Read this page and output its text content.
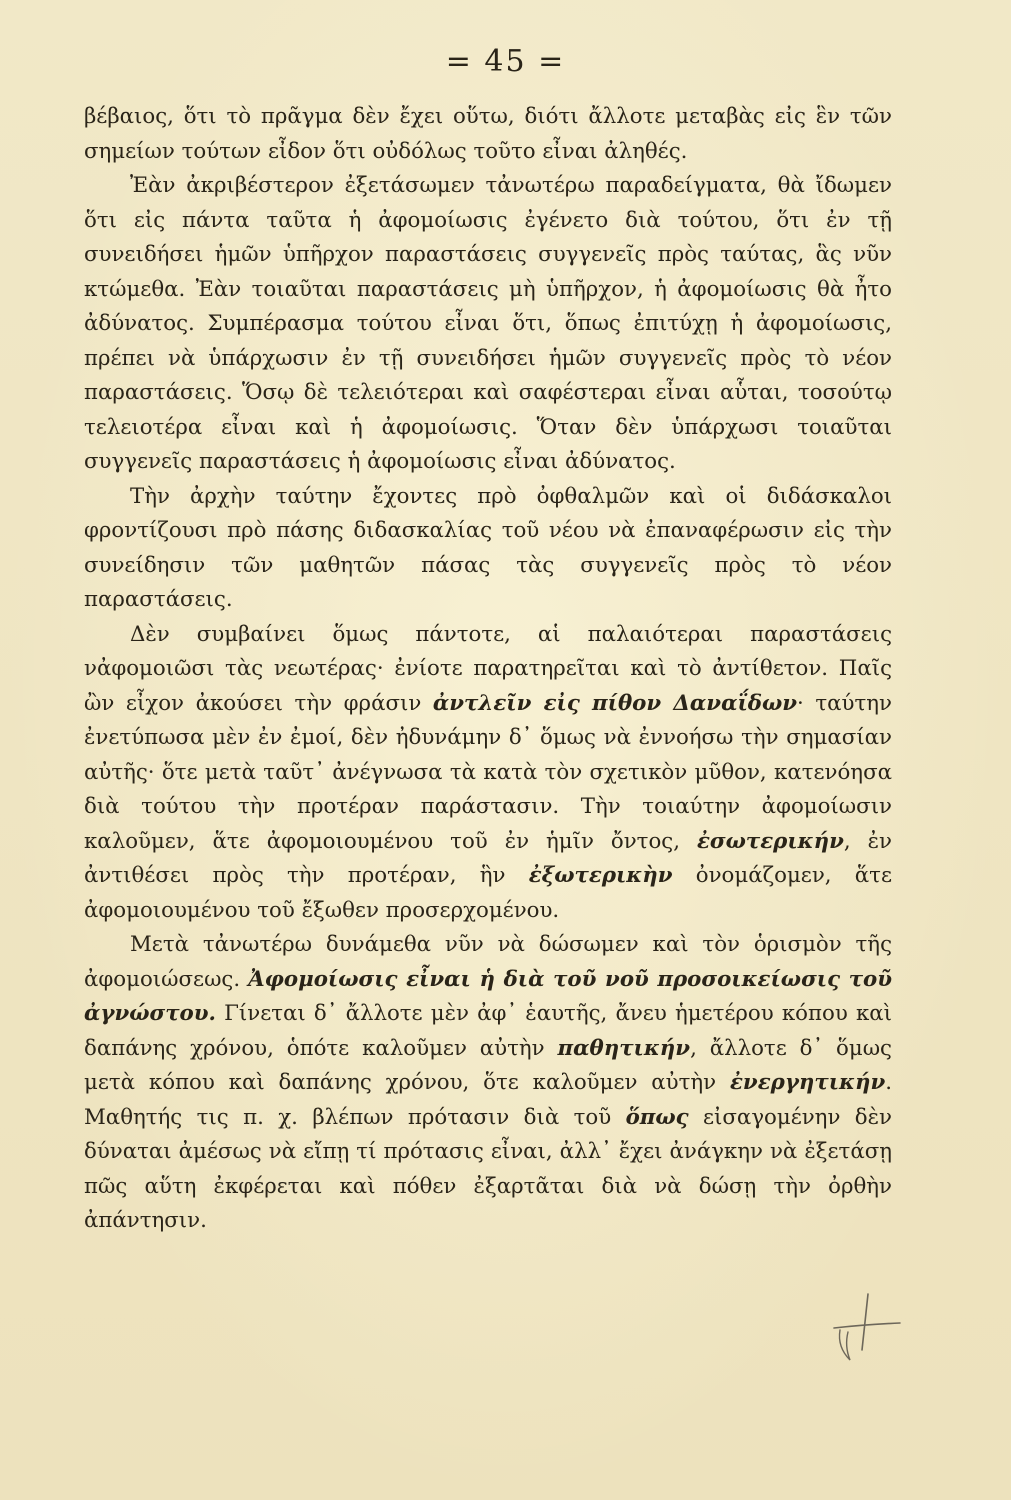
= 45 =

βέβαιος, ὅτι τὸ πρᾶγμα δὲν ἔχει οὕτω, διότι ἄλλοτε μεταβὰς εἰς ἓν τῶν σημείων τούτων εἶδον ὅτι οὐδόλως τοῦτο εἶναι ἀληθές.

Ἐὰν ἀκριβέστερον ἐξετάσωμεν τἀνωτέρω παραδείγματα, θὰ ἴδωμεν ὅτι εἰς πάντα ταῦτα ἡ ἀφομοίωσις ἐγένετο διὰ τούτου, ὅτι ἐν τῇ συνειδήσει ἡμῶν ὑπῆρχον παραστάσεις συγγενεῖς πρὸς ταύτας, ἃς νῦν κτώμεθα. Ἐὰν τοιαῦται παραστάσεις μὴ ὑπῆρχον, ἡ ἀφομοίωσις θὰ ἦτο ἀδύνατος. Συμπέρασμα τούτου εἶναι ὅτι, ὅπως ἐπιτύχῃ ἡ ἀφομοίωσις, πρέπει νὰ ὑπάρχωσιν ἐν τῇ συνειδήσει ἡμῶν συγγενεῖς πρὸς τὸ νέον παραστάσεις. Ὅσῳ δὲ τελειότεραι καὶ σαφέστεραι εἶναι αὗται, τοσούτῳ τελειοτέρα εἶναι καὶ ἡ ἀφομοίωσις. Ὅταν δὲν ὑπάρχωσι τοιαῦται συγγενεῖς παραστάσεις ἡ ἀφομοίωσις εἶναι ἀδύνατος.

Τὴν ἀρχὴν ταύτην ἔχοντες πρὸ ὀφθαλμῶν καὶ οἱ διδάσκαλοι φροντίζουσι πρὸ πάσης διδασκαλίας τοῦ νέου νὰ ἐπαναφέρωσιν εἰς τὴν συνείδησιν τῶν μαθητῶν πάσας τὰς συγγενεῖς πρὸς τὸ νέον παραστάσεις.

Δὲν συμβαίνει ὅμως πάντοτε, αἱ παλαιότεραι παραστάσεις νἀφομοιῶσι τὰς νεωτέρας· ἐνίοτε παρατηρεῖται καὶ τὸ ἀντίθετον. Παῖς ὢν εἶχον ἀκούσει τὴν φράσιν ἀντλεῖν εἰς πίθον Δαναΐδων· ταύτην ἐνετύπωσα μὲν ἐν ἐμοί, δὲν ἠδυνάμην δ᾽ ὅμως νὰ ἐννοήσω τὴν σημασίαν αὐτῆς· ὅτε μετὰ ταῦτ᾽ ἀνέγνωσα τὰ κατὰ τὸν σχετικὸν μῦθον, κατενόησα διὰ τούτου τὴν προτέραν παράστασιν. Τὴν τοιαύτην ἀφομοίωσιν καλοῦμεν, ἅτε ἀφομοιουμένου τοῦ ἐν ἡμῖν ὄντος, ἐσωτερικήν, ἐν ἀντιθέσει πρὸς τὴν προτέραν, ἣν ἐξωτερικὴν ὀνομάζομεν, ἅτε ἀφομοιουμένου τοῦ ἔξωθεν προσερχομένου.

Μετὰ τἀνωτέρω δυνάμεθα νῦν νὰ δώσωμεν καὶ τὸν ὁρισμὸν τῆς ἀφομοιώσεως. Ἀφομοίωσις εἶναι ἡ διὰ τοῦ νοῦ προσοικείωσις τοῦ ἀγνώστου. Γίνεται δ᾽ ἄλλοτε μὲν ἀφ᾽ ἑαυτῆς, ἄνευ ἡμετέρου κόπου καὶ δαπάνης χρόνου, ὁπότε καλοῦμεν αὐτὴν παθητικήν, ἄλλοτε δ᾽ ὅμως μετὰ κόπου καὶ δαπάνης χρόνου, ὅτε καλοῦμεν αὐτὴν ἐνεργητικήν. Μαθητής τις π. χ. βλέπων πρότασιν διὰ τοῦ ὅπως εἰσαγομένην δὲν δύναται ἀμέσως νὰ εἴπῃ τί πρότασις εἶναι, ἀλλ᾽ ἔχει ἀνάγκην νὰ ἐξετάσῃ πῶς αὕτη ἐκφέρεται καὶ πόθεν ἐξαρτᾶται διὰ νὰ δώσῃ τὴν ὀρθὴν ἀπάντησιν.
